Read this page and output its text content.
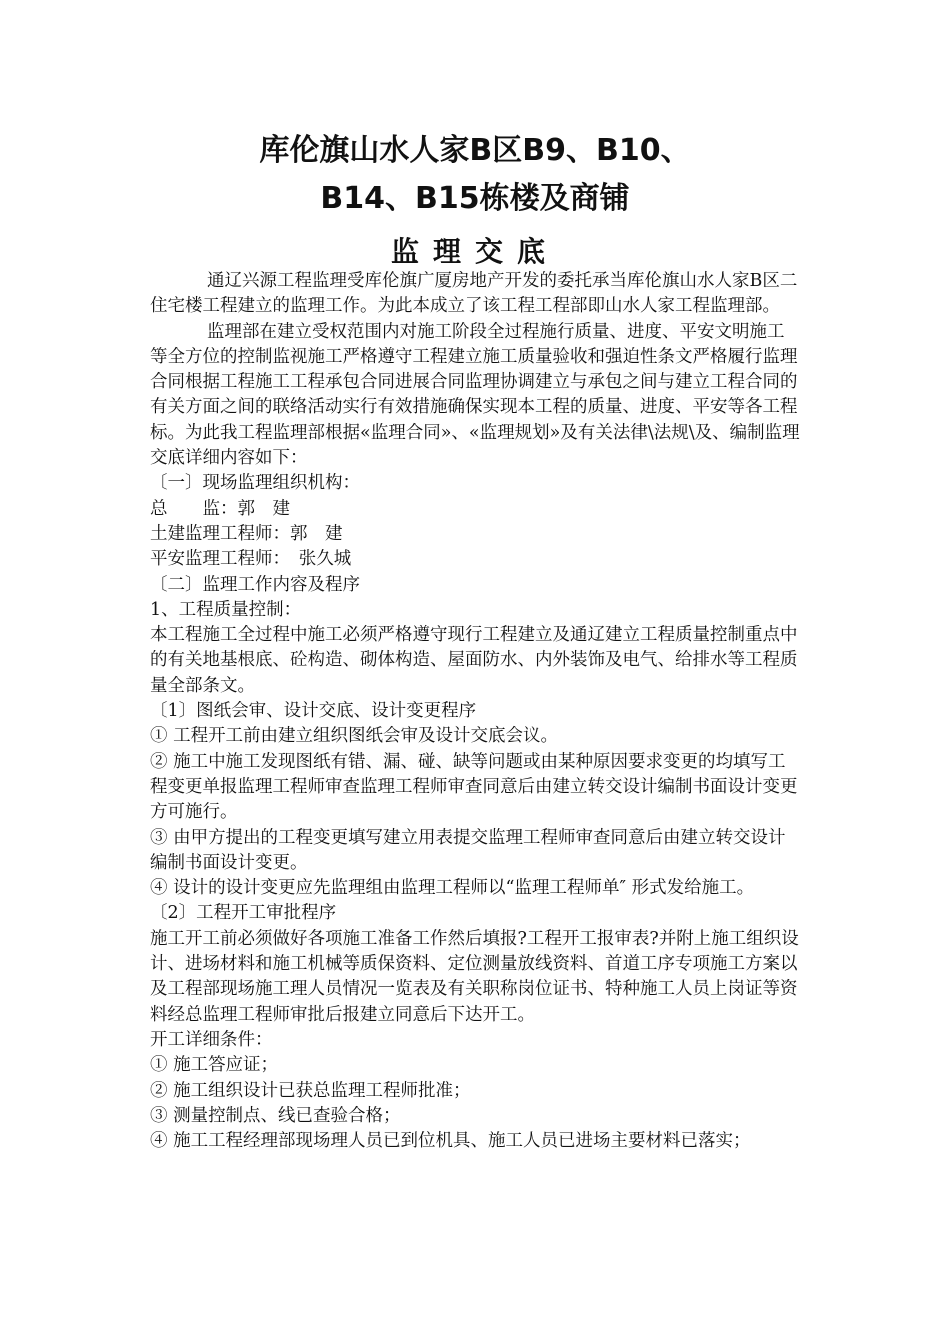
库伦旗山水人家B区B9、B10、
B14、B15栋楼及商铺
监理交底

通辽兴源工程监理受库伦旗广厦房地产开发的委托承当库伦旗山水人家B区二住宅楼工程建立的监理工作。为此本成立了该工程工程部即山水人家工程监理部。

监理部在建立受权范围内对施工阶段全过程施行质量、进度、平安文明施工等全方位的控制监视施工严格遵守工程建立施工质量验收和强迫性条文严格履行监理合同根据工程施工工程承包合同进展合同监理协调建立与承包之间与建立工程合同的有关方面之间的联络活动实行有效措施确保实现本工程的质量、进度、平安等各工程标。为此我工程监理部根据«监理合同»、«监理规划»及有关法律\法规\及、编制监理交底详细内容如下：

〔一〕现场监理组织机构：

总　　监：郭　建

土建监理工程师：郭　建

平安监理工程师：　张久城

〔二〕监理工作内容及程序

1、工程质量控制：

本工程施工全过程中施工必须严格遵守现行工程建立及通辽建立工程质量控制重点中的有关地基根底、砼构造、砌体构造、屋面防水、内外装饰及电气、给排水等工程质量全部条文。

〔1〕图纸会审、设计交底、设计变更程序

① 工程开工前由建立组织图纸会审及设计交底会议。

② 施工中施工发现图纸有错、漏、碰、缺等问题或由某种原因要求变更的均填写工程变更单报监理工程师审查监理工程师审查同意后由建立转交设计编制书面设计变更方可施行。

③ 由甲方提出的工程变更填写建立用表提交监理工程师审查同意后由建立转交设计编制书面设计变更。

④ 设计的设计变更应先监理组由监理工程师以“监理工程师单″ 形式发给施工。

〔2〕工程开工审批程序

施工开工前必须做好各项施工准备工作然后填报?工程开工报审表?并附上施工组织设计、进场材料和施工机械等质保资料、定位测量放线资料、首道工序专项施工方案以及工程部现场施工理人员情况一览表及有关职称岗位证书、特种施工人员上岗证等资料经总监理工程师审批后报建立同意后下达开工。

开工详细条件：

① 施工答应证；

② 施工组织设计已获总监理工程师批准；

③ 测量控制点、线已查验合格；

④ 施工工程经理部现场理人员已到位机具、施工人员已进场主要材料已落实；
